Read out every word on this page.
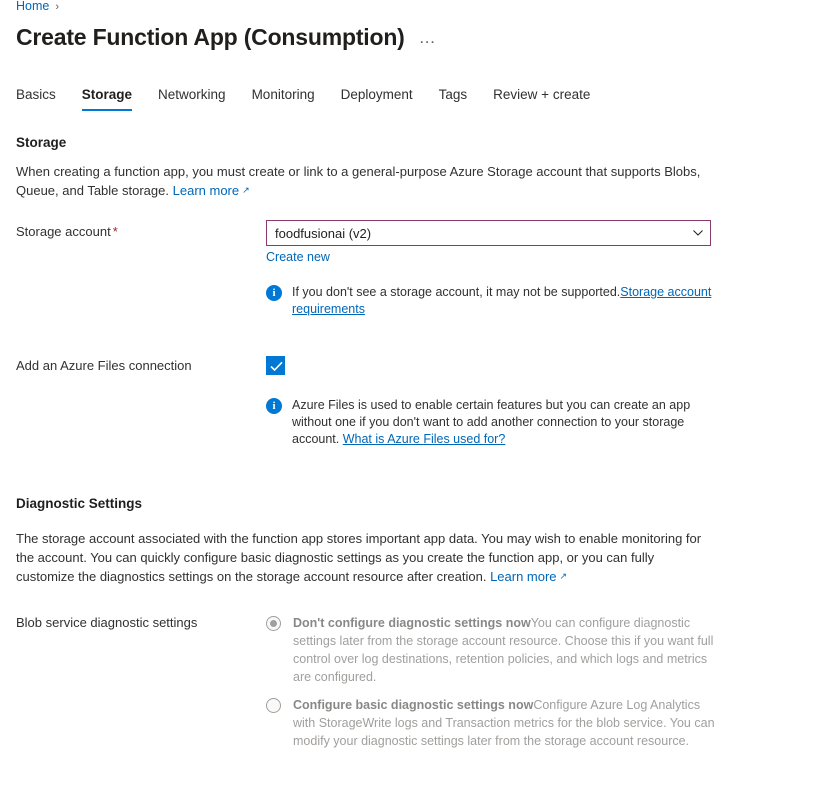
Home ›
Create Function App (Consumption) …
Basics Storage Networking Monitoring Deployment Tags Review + create
Storage
When creating a function app, you must create or link to a general-purpose Azure Storage account that supports Blobs, Queue, and Table storage. Learn more ↗
Storage account *	foodfusionai (v2)
Create new
i	If you don't see a storage account, it may not be supported.Storage account requirements
Add an Azure Files connection
i	Azure Files is used to enable certain features but you can create an app without one if you don't want to add another connection to your storage account. What is Azure Files used for?
Diagnostic Settings
The storage account associated with the function app stores important app data. You may wish to enable monitoring for the account. You can quickly configure basic diagnostic settings as you create the function app, or you can fully customize the diagnostics settings on the storage account resource after creation. Learn more ↗
Blob service diagnostic settings	Don't configure diagnostic settings nowYou can configure diagnostic settings later from the storage account resource. Choose this if you want full control over log destinations, retention policies, and which logs and metrics are configured.
Configure basic diagnostic settings nowConfigure Azure Log Analytics with StorageWrite logs and Transaction metrics for the blob service. You can modify your diagnostic settings later from the storage account resource.
